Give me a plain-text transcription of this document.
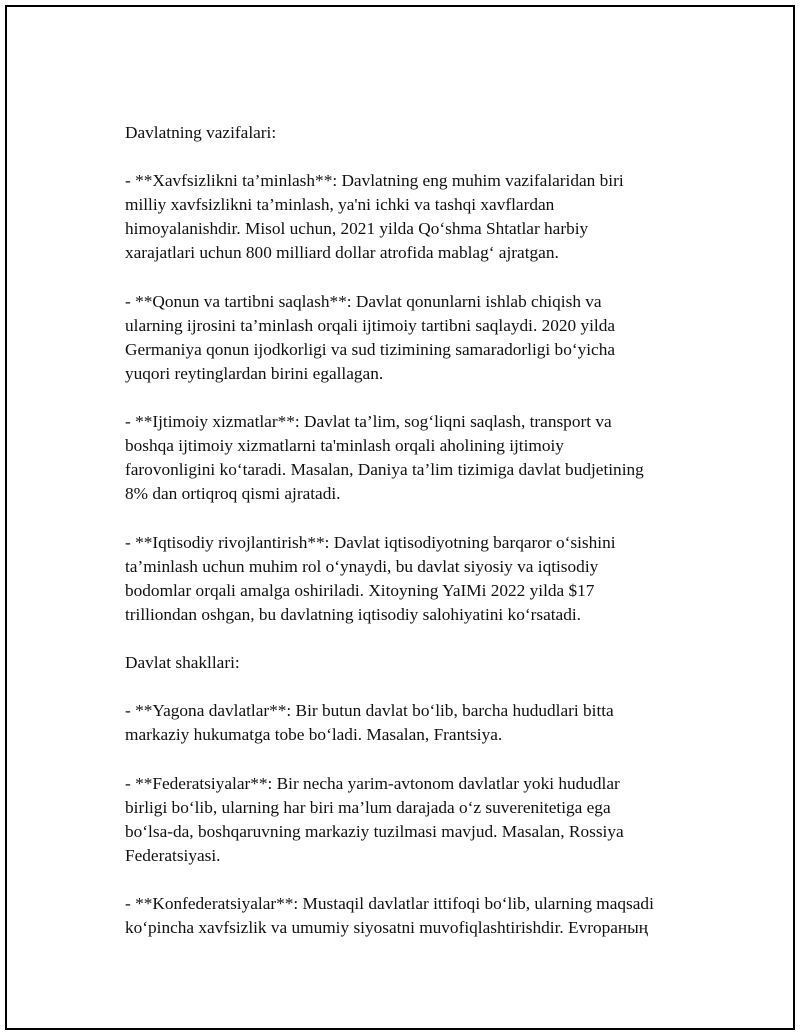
Davlatning vazifalari:

- **Xavfsizlikni ta’minlash**: Davlatning eng muhim vazifalaridan biri
milliy xavfsizlikni ta’minlash, ya'ni ichki va tashqi xavflardan
himoyalanishdir. Misol uchun, 2021 yilda Qo‘shma Shtatlar harbiy
xarajatlari uchun 800 milliard dollar atrofida mablag‘ ajratgan.

- **Qonun va tartibni saqlash**: Davlat qonunlarni ishlab chiqish va
ularning ijrosini ta’minlash orqali ijtimoiy tartibni saqlaydi. 2020 yilda
Germaniya qonun ijodkorligi va sud tizimining samaradorligi bo‘yicha
yuqori reytinglardan birini egallagan.

- **Ijtimoiy xizmatlar**: Davlat ta’lim, sog‘liqni saqlash, transport va
boshqa ijtimoiy xizmatlarni ta'minlash orqali aholining ijtimoiy
farovonligini ko‘taradi. Masalan, Daniya ta’lim tizimiga davlat budjetining
8% dan ortiqroq qismi ajratadi.

- **Iqtisodiy rivojlantirish**: Davlat iqtisodiyotning barqaror o‘sishini
ta’minlash uchun muhim rol o‘ynaydi, bu davlat siyosiy va iqtisodiy
bodomlar orqali amalga oshiriladi. Xitoyning YaIMi 2022 yilda $17
trilliondan oshgan, bu davlatning iqtisodiy salohiyatini ko‘rsatadi.

Davlat shakllari:

- **Yagona davlatlar**: Bir butun davlat bo‘lib, barcha hududlari bitta
markaziy hukumatga tobe bo‘ladi. Masalan, Frantsiya.

- **Federatsiyalar**: Bir necha yarim-avtonom davlatlar yoki hududlar
birligi bo‘lib, ularning har biri ma’lum darajada o‘z suverenitetiga ega
bo‘lsa-da, boshqaruvning markaziy tuzilmasi mavjud. Masalan, Rossiya
Federatsiyasi.

- **Konfederatsiyalar**: Mustaqil davlatlar ittifoqi bo‘lib, ularning maqsadi
ko‘pincha xavfsizlik va umumiy siyosatni muvofiqlashtirishdir. Evropaның
